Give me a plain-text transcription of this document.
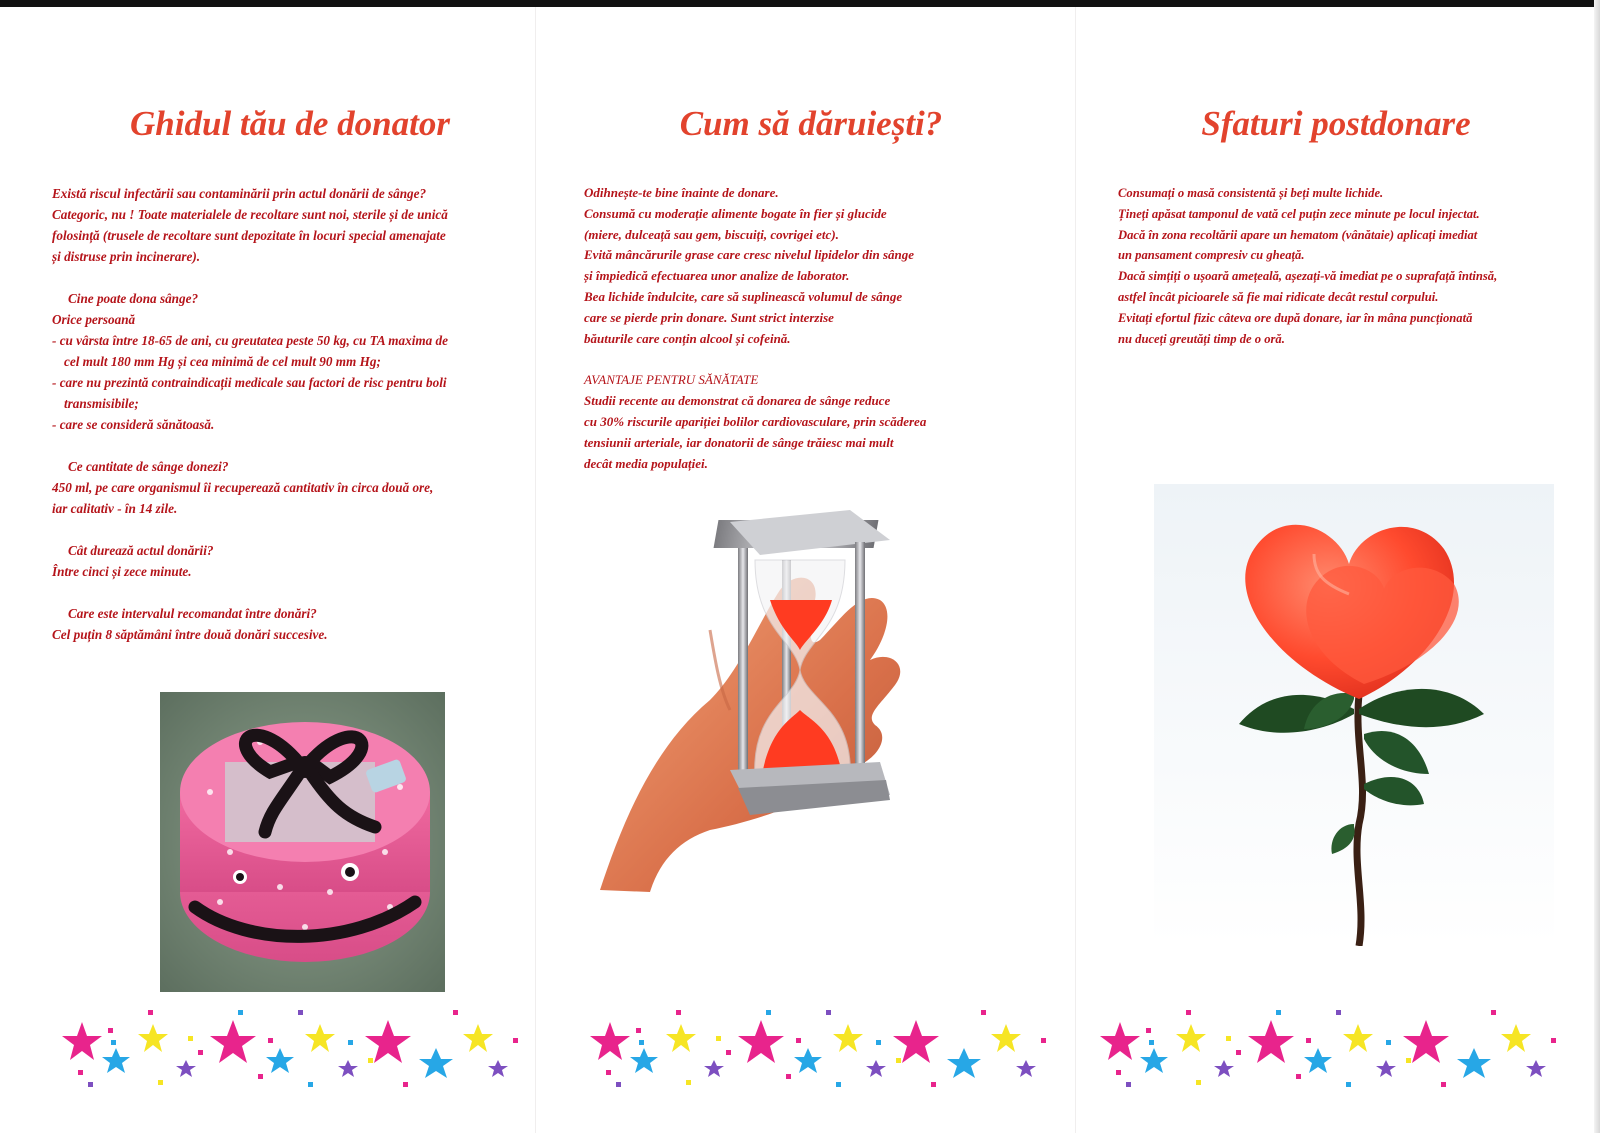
Ghidul tău de donator

Există riscul infectării sau contaminării prin actul donării de sânge?

Categoric, nu ! Toate materialele de recoltare sunt noi, sterile și de unică

folosință (trusele de recoltare sunt depozitate în locuri special amenajate

și distruse prin incinerare).

Cine poate dona sânge?

Orice persoană

- cu vârsta între 18-65 de ani, cu greutatea peste 50 kg, cu TA maxima de

cel mult 180 mm Hg și cea minimă de cel mult 90 mm Hg;

- care nu prezintă contraindicații medicale sau factori de risc pentru boli

transmisibile;

- care se consideră sănătoasă.

Ce cantitate de sânge donezi?

450 ml, pe care organismul îi recuperează cantitativ în circa două ore,

iar calitativ - în 14 zile.

Cât durează actul donării?

Între cinci și zece minute.

Care este intervalul recomandat între donări?

Cel puțin 8 săptămâni între două donări succesive.

Cum să dăruiești?

Odihnește-te bine înainte de donare.

Consumă cu moderație alimente bogate în fier și glucide

(miere, dulceață sau gem, biscuiți, covrigei etc).

Evită mâncărurile grase care cresc nivelul lipidelor din sânge

și împiedică efectuarea unor analize de laborator.

Bea lichide îndulcite, care să suplinească volumul de sânge

care se pierde prin donare. Sunt strict interzise

băuturile care conțin alcool și cofeină.

AVANTAJE PENTRU SĂNĂTATE

Studii recente au demonstrat că donarea de sânge reduce

cu 30% riscurile apariției bolilor cardiovasculare, prin scăderea

tensiunii arteriale, iar donatorii de sânge trăiesc mai mult

decât media populației.

Sfaturi postdonare

Consumați o masă consistentă și beți multe lichide.

Țineți apăsat tamponul de vată cel puțin zece minute pe locul injectat.

Dacă în zona recoltării apare un hematom (vânătaie) aplicați imediat

un pansament compresiv cu gheață.

Dacă simțiți o ușoară amețeală, așezați-vă imediat pe o suprafață întinsă,

astfel încât picioarele să fie mai ridicate decât restul corpului.

Evitați efortul fizic câteva ore după donare, iar în mâna puncționată

nu duceți greutăți timp de o oră.
